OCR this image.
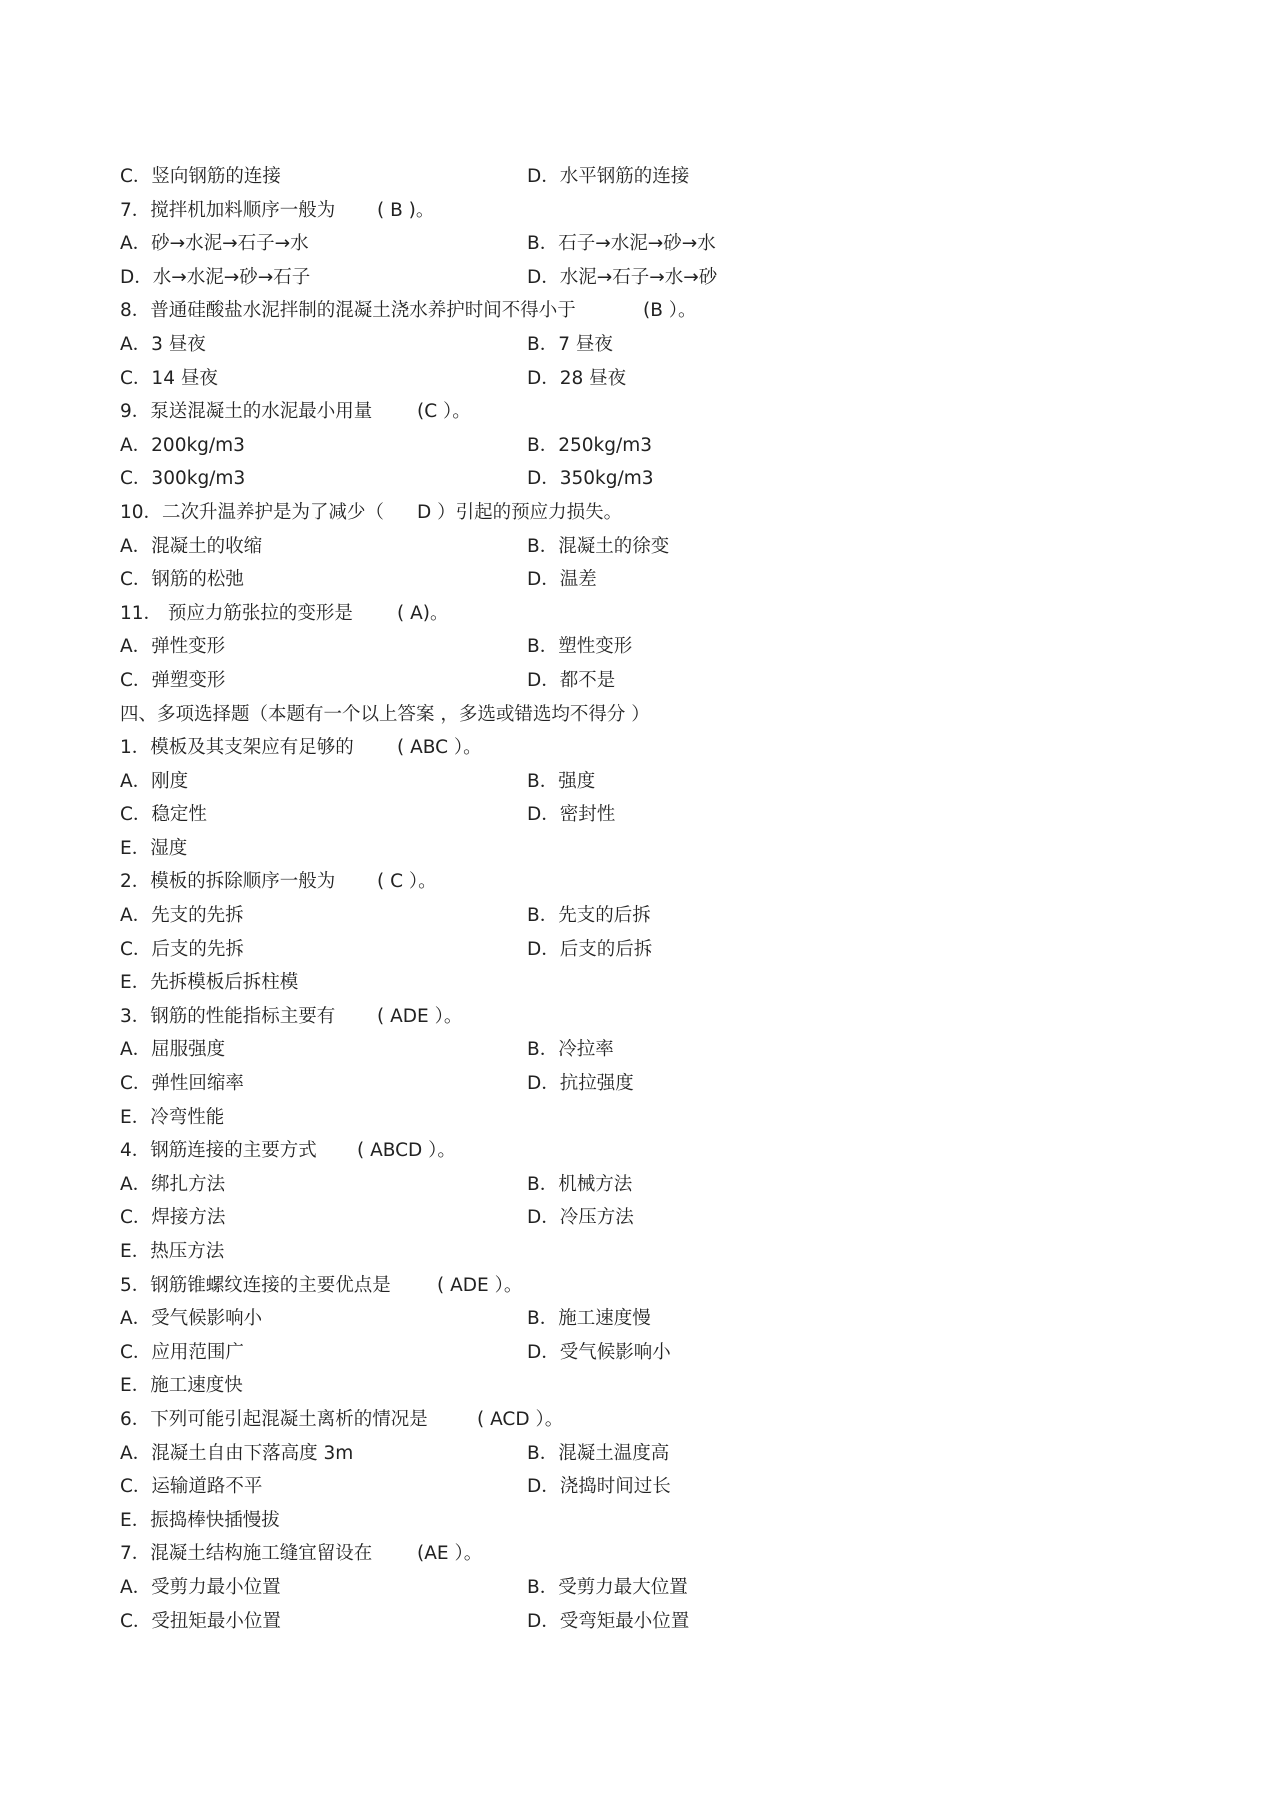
C．竖向钢筋的连接	D．水平钢筋的连接
7．搅拌机加料顺序一般为 ( B )。
A．砂→水泥→石子→水	B．石子→水泥→砂→水
D．水→水泥→砂→石子	D．水泥→石子→水→砂
8．普通硅酸盐水泥拌制的混凝土浇水养护时间不得小于	(B ）。
A．3 昼夜	B．7 昼夜
C．14 昼夜	D．28 昼夜
9．泵送混凝土的水泥最小用量 (C ）。
A．200kg/m3	B．250kg/m3
C．300kg/m3	D．350kg/m3
10．二次升温养护是为了减少（ D ）引起的预应力损失。
A．混凝土的收缩	B．混凝土的徐变
C．钢筋的松弛	D．温差
11． 预应力筋张拉的变形是 ( A)。
A．弹性变形	B．塑性变形
C．弹塑变形	D．都不是
四、多项选择题（本题有一个以上答案 ，多选或错选均不得分 ）
1．模板及其支架应有足够的 ( ABC ）。
A．刚度	B．强度
C．稳定性	D．密封性
E．湿度
2．模板的拆除顺序一般为 ( C ）。
A．先支的先拆	B．先支的后拆
C．后支的先拆	D．后支的后拆
E．先拆模板后拆柱模
3．钢筋的性能指标主要有 ( ADE ）。
A．屈服强度	B．冷拉率
C．弹性回缩率	D．抗拉强度
E．冷弯性能
4．钢筋连接的主要方式 ( ABCD ）。
A．绑扎方法	B．机械方法
C．焊接方法	D．冷压方法
E．热压方法
5．钢筋锥螺纹连接的主要优点是 ( ADE ）。
A．受气候影响小	B．施工速度慢
C．应用范围广	D．受气候影响小
E．施工速度快
6．下列可能引起混凝土离析的情况是	( ACD ）。
A．混凝土自由下落高度 3m	B．混凝土温度高
C．运输道路不平	D．浇捣时间过长
E．振捣棒快插慢拔
7．混凝土结构施工缝宜留设在 (AE ）。
A．受剪力最小位置	B．受剪力最大位置
C．受扭矩最小位置	D．受弯矩最小位置
